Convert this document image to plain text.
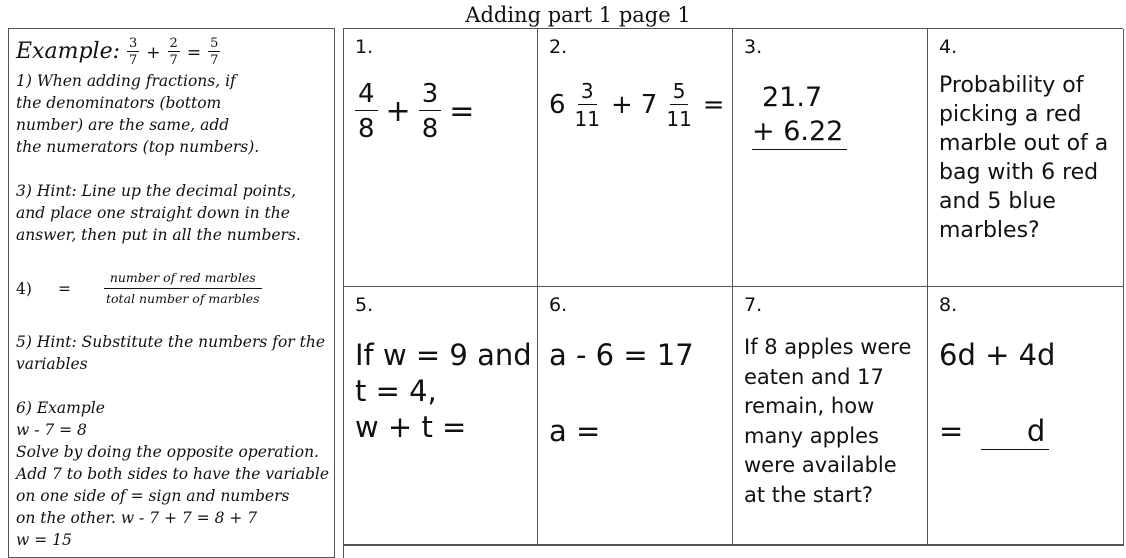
Adding part 1 page 1

Example: $\frac{3}{7} + \frac{2}{7} = \frac{5}{7}$

1) When adding fractions, if

the denominators (bottom

number) are the same, add

the numerators (top numbers).

3) Hint: Line up the decimal points,

and place one straight down in the

answer, then put in all the numbers.

4)	=	$\frac{\text{number of red marbles}}{\text{total number of marbles}}$

5) Hint: Substitute the numbers for the

variables

6) Example

w - 7 = 8

Solve by doing the opposite operation.

Add 7 to both sides to have the variable

on one side of = sign and numbers

on the other. w - 7 + 7 = 8 + 7

w = 15

1.
$\frac{4}{8} + \frac{3}{8}$ =
2.
$6 \frac{3}{11} + 7 \frac{5}{11}$ =
3.
21.7
+ 6.22
4.
Probability of
picking a red
marble out of a
bag with 6 red
and 5 blue
marbles?
5.
If w = 9 and
t = 4,
w + t =
6.
a - 6 = 17
a =
7.
If 8 apples were
eaten and 17
remain, how
many apples
were available
at the start?
8.
6d + 4d
= d
